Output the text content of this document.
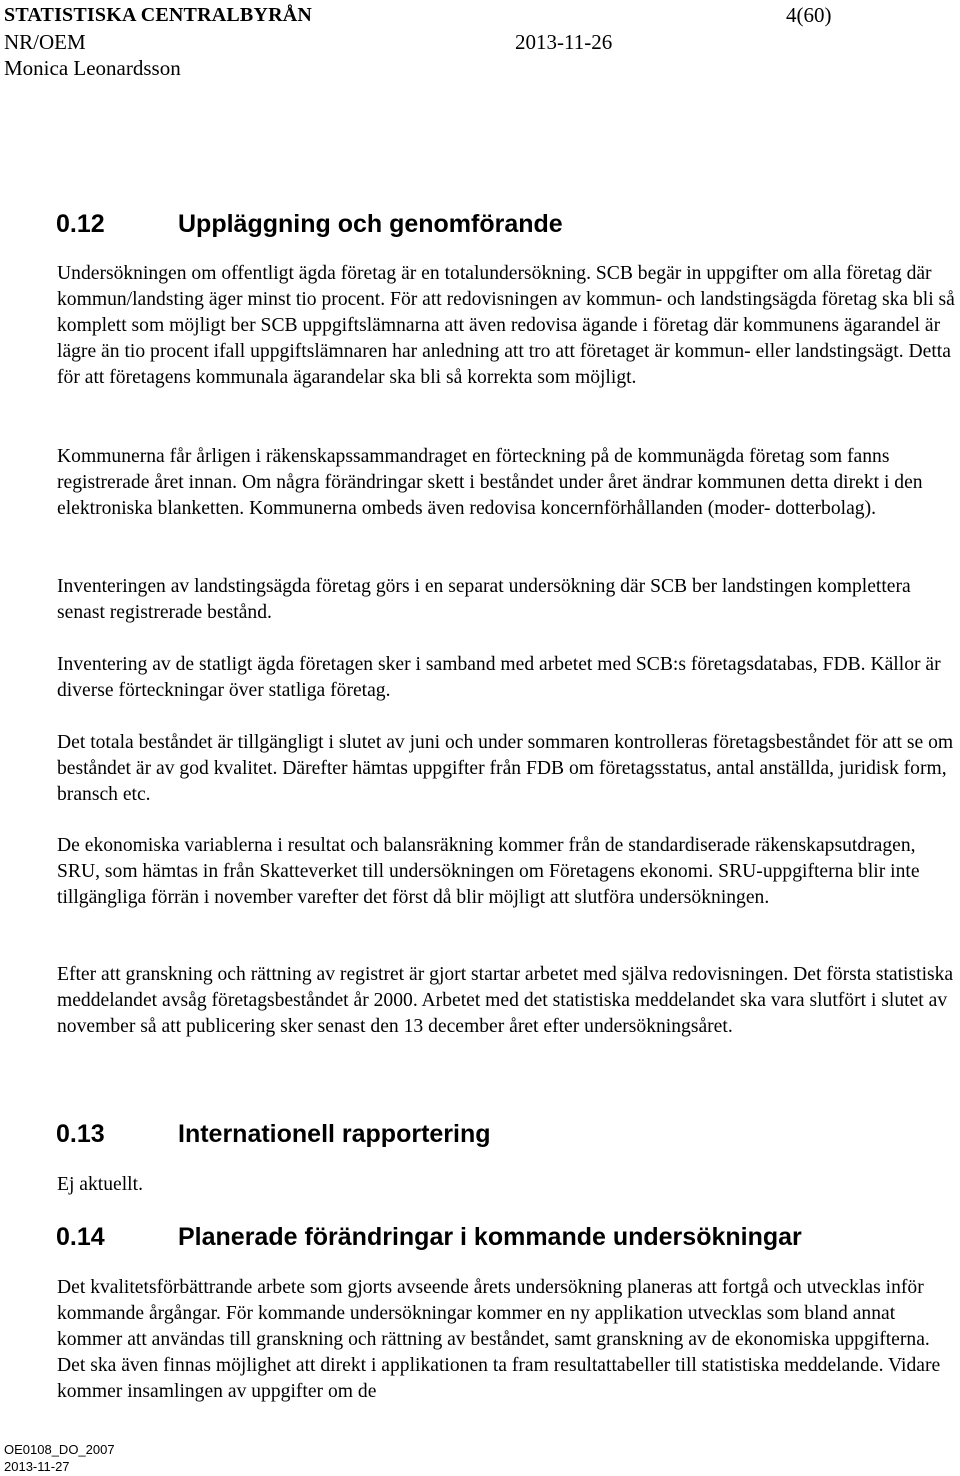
STATISTISKA CENTRALBYRÅN	4(60)
NR/OEM	2013-11-26
Monica Leonardsson
0.12	Uppläggning och genomförande

Undersökningen om offentligt ägda företag är en totalundersökning. SCB begär in uppgifter om alla företag där kommun/landsting äger minst tio procent. För att redovisningen av kommun- och landstingsägda företag ska bli så komplett som möjligt ber SCB uppgiftslämnarna att även redovisa ägande i företag där kommunens ägarandel är lägre än tio procent ifall uppgiftslämnaren har anledning att tro att företaget är kommun- eller landstingsägt. Detta för att företagens kommunala ägarandelar ska bli så korrekta som möjligt.

Kommunerna får årligen i räkenskapssammandraget en förteckning på de kommunägda företag som fanns registrerade året innan. Om några förändringar skett i beståndet under året ändrar kommunen detta direkt i den elektroniska blanketten. Kommunerna ombeds även redovisa koncernförhållanden (moder- dotterbolag).

Inventeringen av landstingsägda företag görs i en separat undersökning där SCB ber landstingen komplettera senast registrerade bestånd.

Inventering av de statligt ägda företagen sker i samband med arbetet med SCB:s företagsdatabas, FDB. Källor är diverse förteckningar över statliga företag.

Det totala beståndet är tillgängligt i slutet av juni och under sommaren kontrolleras företagsbeståndet för att se om beståndet är av god kvalitet. Därefter hämtas uppgifter från FDB om företagsstatus, antal anställda, juridisk form, bransch etc.

De ekonomiska variablerna i resultat och balansräkning kommer från de standardiserade räkenskapsutdragen, SRU, som hämtas in från Skatteverket till undersökningen om Företagens ekonomi. SRU-uppgifterna blir inte tillgängliga förrän i november varefter det först då blir möjligt att slutföra undersökningen.

Efter att granskning och rättning av registret är gjort startar arbetet med själva redovisningen. Det första statistiska meddelandet avsåg företagsbeståndet år 2000. Arbetet med det statistiska meddelandet ska vara slutfört i slutet av november så att publicering sker senast den 13 december året efter undersökningsåret.

0.13	Internationell rapportering

Ej aktuellt.

0.14	Planerade förändringar i kommande undersökningar

Det kvalitetsförbättrande arbete som gjorts avseende årets undersökning planeras att fortgå och utvecklas inför kommande årgångar. För kommande undersökningar kommer en ny applikation utvecklas som bland annat kommer att användas till granskning och rättning av beståndet, samt granskning av de ekonomiska uppgifterna. Det ska även finnas möjlighet att direkt i applikationen ta fram resultattabeller till statistiska meddelande. Vidare kommer insamlingen av uppgifter om de

OE0108_DO_2007
2013-11-27
